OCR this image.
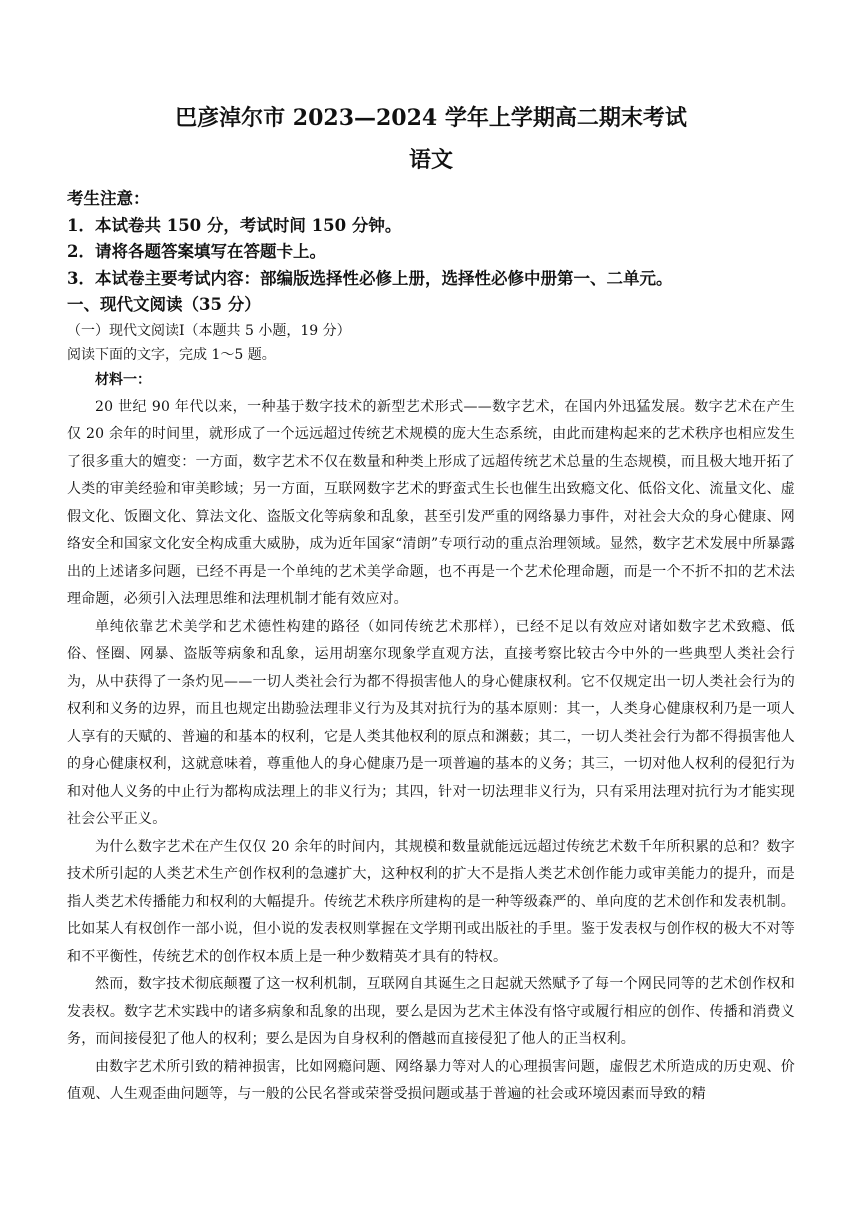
巴彦淖尔市 2023—2024 学年上学期高二期末考试
语文

考生注意：

1．本试卷共 150 分，考试时间 150 分钟。

2．请将各题答案填写在答题卡上。

3．本试卷主要考试内容：部编版选择性必修上册，选择性必修中册第一、二单元。

一、现代文阅读（35 分）

（一）现代文阅读Ⅰ（本题共 5 小题，19 分）

阅读下面的文字，完成 1～5 题。

材料一：

20 世纪 90 年代以来，一种基于数字技术的新型艺术形式——数字艺术，在国内外迅猛发展。数字艺术在产生仅 20 余年的时间里，就形成了一个远远超过传统艺术规模的庞大生态系统，由此而建构起来的艺术秩序也相应发生了很多重大的嬗变：一方面，数字艺术不仅在数量和种类上形成了远超传统艺术总量的生态规模，而且极大地开拓了人类的审美经验和审美畛域；另一方面，互联网数字艺术的野蛮式生长也催生出致瘾文化、低俗文化、流量文化、虚假文化、饭圈文化、算法文化、盗版文化等病象和乱象，甚至引发严重的网络暴力事件，对社会大众的身心健康、网络安全和国家文化安全构成重大威胁，成为近年国家“清朗”专项行动的重点治理领域。显然，数字艺术发展中所暴露出的上述诸多问题，已经不再是一个单纯的艺术美学命题，也不再是一个艺术伦理命题，而是一个不折不扣的艺术法理命题，必须引入法理思维和法理机制才能有效应对。

单纯依靠艺术美学和艺术德性构建的路径（如同传统艺术那样），已经不足以有效应对诸如数字艺术致瘾、低俗、怪圈、网暴、盗版等病象和乱象，运用胡塞尔现象学直观方法，直接考察比较古今中外的一些典型人类社会行为，从中获得了一条灼见——一切人类社会行为都不得损害他人的身心健康权利。它不仅规定出一切人类社会行为的权利和义务的边界，而且也规定出勘验法理非义行为及其对抗行为的基本原则：其一，人类身心健康权利乃是一项人人享有的天赋的、普遍的和基本的权利，它是人类其他权利的原点和渊薮；其二，一切人类社会行为都不得损害他人的身心健康权利，这就意味着，尊重他人的身心健康乃是一项普遍的基本的义务；其三，一切对他人权利的侵犯行为和对他人义务的中止行为都构成法理上的非义行为；其四，针对一切法理非义行为，只有采用法理对抗行为才能实现社会公平正义。

为什么数字艺术在产生仅仅 20 余年的时间内，其规模和数量就能远远超过传统艺术数千年所积累的总和？数字技术所引起的人类艺术生产创作权利的急遽扩大，这种权利的扩大不是指人类艺术创作能力或审美能力的提升，而是指人类艺术传播能力和权利的大幅提升。传统艺术秩序所建构的是一种等级森严的、单向度的艺术创作和发表机制。比如某人有权创作一部小说，但小说的发表权则掌握在文学期刊或出版社的手里。鉴于发表权与创作权的极大不对等和不平衡性，传统艺术的创作权本质上是一种少数精英才具有的特权。

然而，数字技术彻底颠覆了这一权利机制，互联网自其诞生之日起就天然赋予了每一个网民同等的艺术创作权和发表权。数字艺术实践中的诸多病象和乱象的出现，要么是因为艺术主体没有恪守或履行相应的创作、传播和消费义务，而间接侵犯了他人的权利；要么是因为自身权利的僭越而直接侵犯了他人的正当权利。

由数字艺术所引致的精神损害，比如网瘾问题、网络暴力等对人的心理损害问题，虚假艺术所造成的历史观、价值观、人生观歪曲问题等，与一般的公民名誉或荣誉受损问题或基于普遍的社会或环境因素而导致的精
